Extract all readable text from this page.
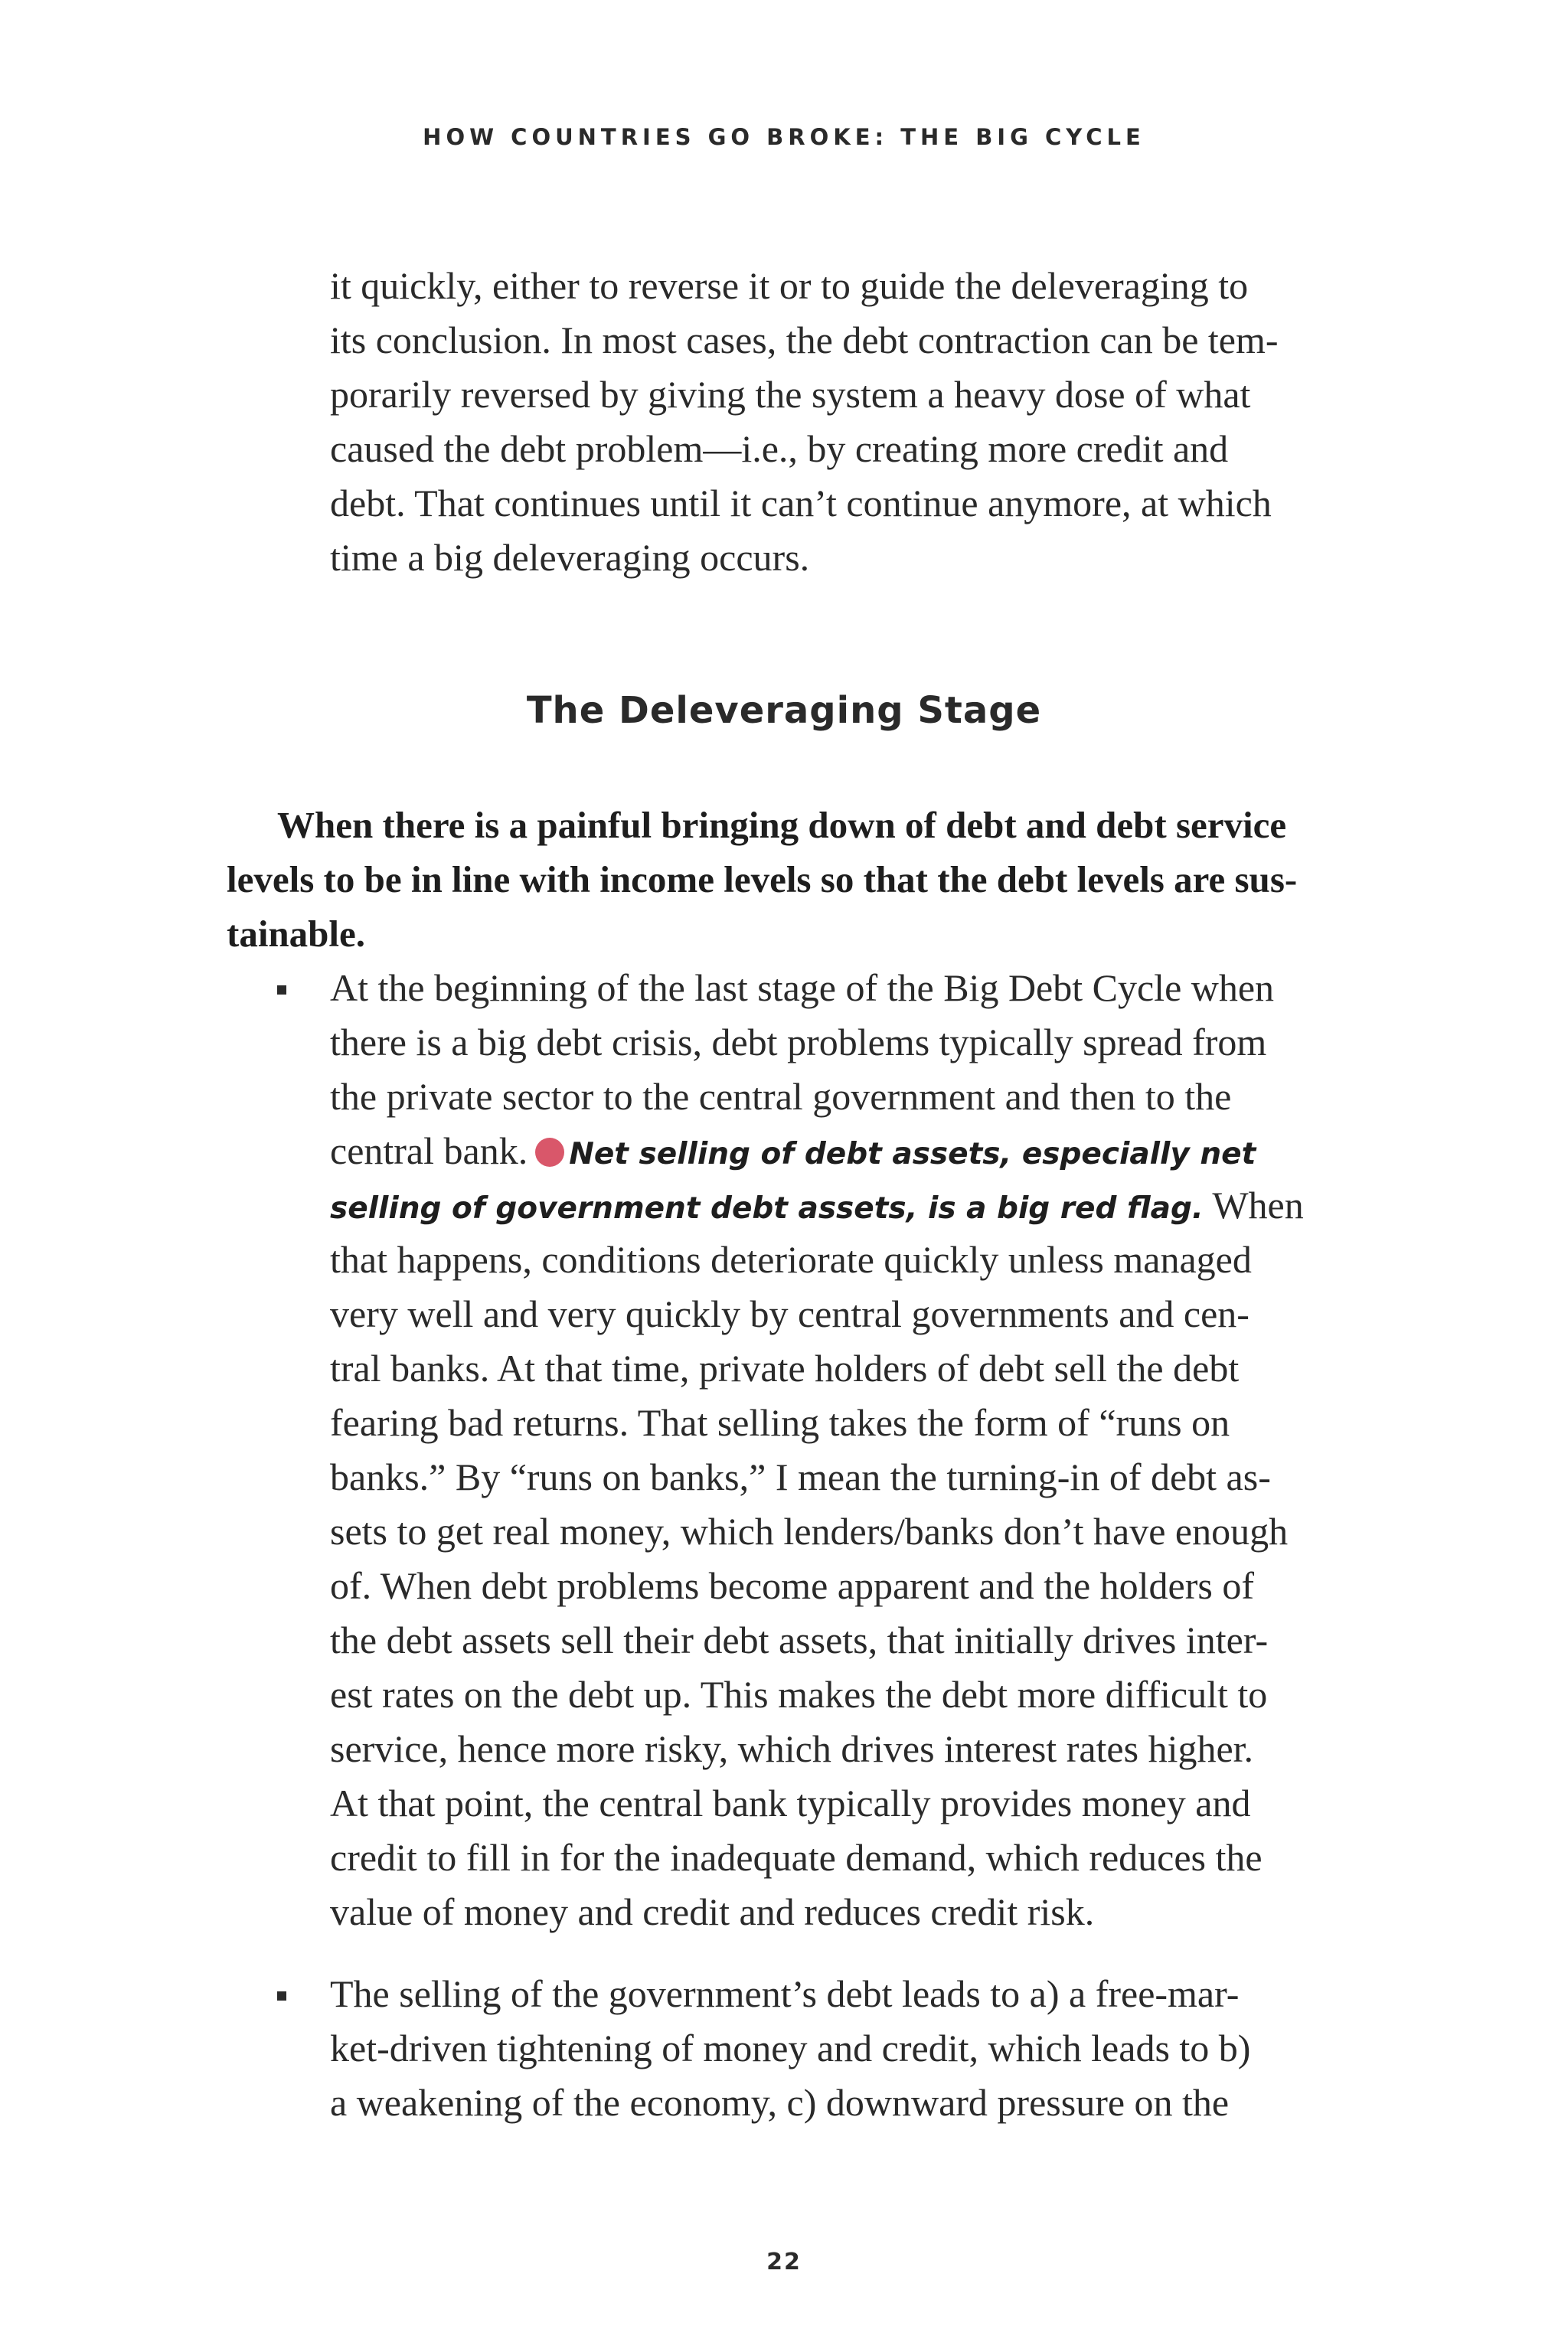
HOW COUNTRIES GO BROKE: THE BIG CYCLE
it quickly, either to reverse it or to guide the deleveraging to
its conclusion. In most cases, the debt contraction can be tem-
porarily reversed by giving the system a heavy dose of what
caused the debt problem—i.e., by creating more credit and
debt. That continues until it can’t continue anymore, at which
time a big deleveraging occurs.
The Deleveraging Stage
When there is a painful bringing down of debt and debt service
levels to be in line with income levels so that the debt levels are sus-
tainable.
At the beginning of the last stage of the Big Debt Cycle when
there is a big debt crisis, debt problems typically spread from
the private sector to the central government and then to the
central bank. Net selling of debt assets, especially net
selling of government debt assets, is a big red flag. When
that happens, conditions deteriorate quickly unless managed
very well and very quickly by central governments and cen-
tral banks. At that time, private holders of debt sell the debt
fearing bad returns. That selling takes the form of “runs on
banks.” By “runs on banks,” I mean the turning-in of debt as-
sets to get real money, which lenders/banks don’t have enough
of. When debt problems become apparent and the holders of
the debt assets sell their debt assets, that initially drives inter-
est rates on the debt up. This makes the debt more difficult to
service, hence more risky, which drives interest rates higher.
At that point, the central bank typically provides money and
credit to fill in for the inadequate demand, which reduces the
value of money and credit and reduces credit risk.
The selling of the government’s debt leads to a) a free-mar-
ket-driven tightening of money and credit, which leads to b)
a weakening of the economy, c) downward pressure on the
22
